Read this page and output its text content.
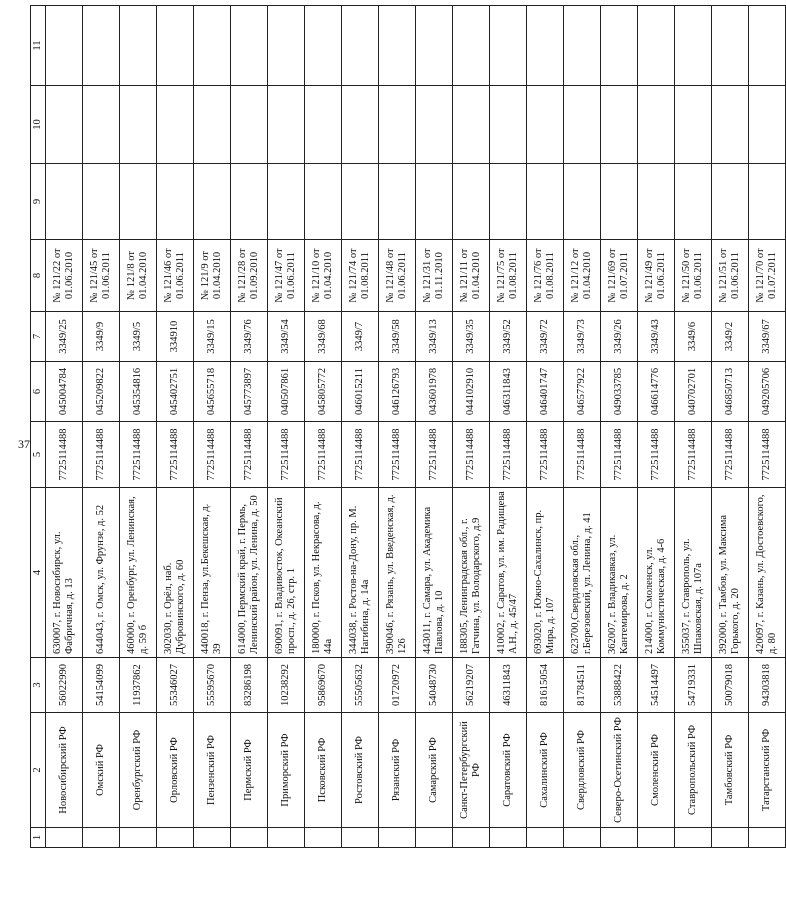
37
1	2	3	4	5	6	7	8	9	10	11
	Новосибирский РФ	56022990	630007, г. Новосибирск, ул. Фабричная, д. 13	7725114488	045004784	3349/25	№ 121/22 от 01.06.2010			
	Омский РФ	54154099	644043, г. Омск, ул. Фрунзе, д. 52	7725114488	045209822	3349/9	№ 121/45 от 01.06.2011			
	Оренбургский РФ	11937862	460000, г. Оренбург, ул. Ленинская, д. 59 б	7725114488	045354816	3349/5	№ 121/8 от 01.04.2010			
	Орловский РФ	55346027	302030, г. Орёл, наб. Дубровинского, д. 60	7725114488	045402751	334910	№ 121/46 от 01.06.2011			
	Пензенский РФ	55595670	440018, г. Пенза, ул.Бекешская, д. 39	7725114488	045655718	3349/15	№ 121/9 от 01.04.2010			
	Пермский РФ	83286198	614000, Пермский край, г. Пермь, Ленинский район, ул. Ленина, д. 50	7725114488	045773897	3349/76	№ 121/28 от 01.09.2010			
	Приморский РФ	10238292	690091, г. Владивосток, Океанский просп., д. 26, стр. 1	7725114488	040507861	3349/54	№ 121/47 от 01.06.2011			
	Псковский РФ	95869670	180000, г. Псков, ул. Некрасова, д. 44а	7725114488	045805772	3349/68	№ 121/10 от 01.04.2010			
	Ростовский РФ	55505632	344038, г. Ростов-на-Дону, пр. М. Нагибина, д. 14а	7725114488	046015211	3349/7	№ 121/74 от 01.08.2011			
	Рязанский РФ	01720972	390046, г. Рязань, ул. Введенская, д. 126	7725114488	046126793	3349/58	№ 121/48 от 01.06.2011			
	Самарский РФ	54048730	443011, г. Самара, ул. Академика Павлова, д. 10	7725114488	043601978	3349/13	№ 121/31 от 01.11.2010			
	Санкт-Петербургский РФ	56219207	188305, Ленинградская обл., г. Гатчина, ул. Володарского, д.9	7725114488	044102910	3349/35	№ 121/11 от 01.04.2010			
	Саратовский РФ	46311843	410002, г. Саратов, ул. им. Радищева А.Н., д. 45/47	7725114488	046311843	3349/52	№ 121/75 от 01.08.2011			
	Сахалинский РФ	81615054	693020, г. Южно-Сахалинск, пр. Мира, д. 107	7725114488	046401747	3349/72	№ 121/76 от 01.08.2011			
	Свердловский РФ	81784511	623700,Свердловская обл., г.Березовский, ул. Ленина, д. 41	7725114488	046577922	3349/73	№ 121/12 от 01.04.2010			
	Северо-Осетинский РФ	53888422	362007, г. Владикавказ, ул. Кантемирова, д. 2	7725114488	049033785	3349/26	№ 121/69 от 01.07.2011			
	Смоленский РФ	54514497	214000, г. Смоленск, ул. Коммунистическая, д. 4-6	7725114488	046614776	3349/43	№ 121/49 от 01.06.2011			
	Ставропольский РФ	54719331	355037, г. Ставрополь, ул. Шпаковская, д. 107а	7725114488	040702701	3349/6	№ 121/50 от 01.06.2011			
	Тамбовский РФ	50079018	392000, г. Тамбов, ул. Максима Горького, д. 20	7725114488	046850713	3349/2	№ 121/51 от 01.06.2011			
	Татарстанский РФ	94303818	420097, г. Казань, ул. Достоевского, д. 80	7725114488	049205706	3349/67	№ 121/70 от 01.07.2011			
